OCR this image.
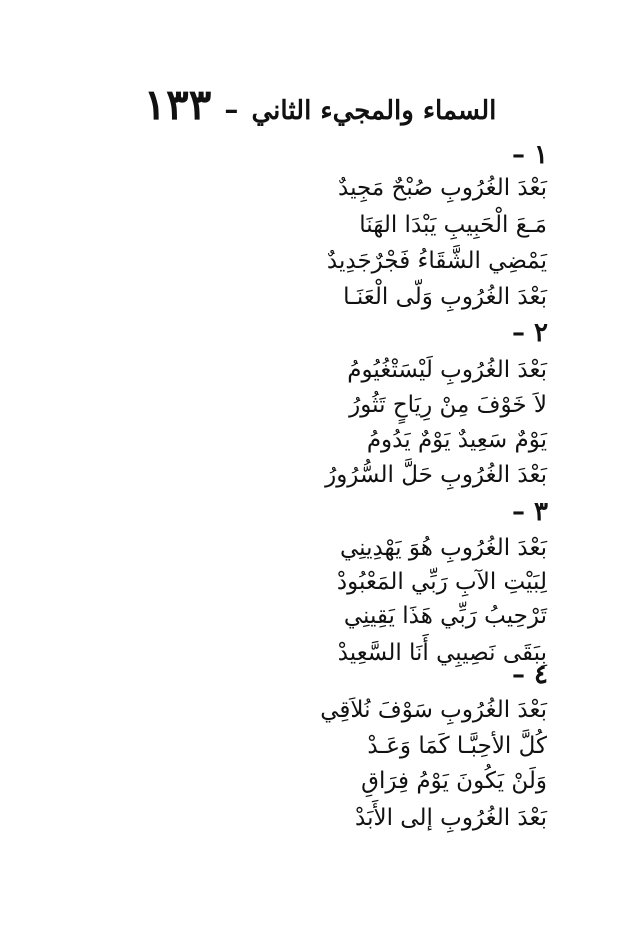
السماء والمجيء الثاني – ١٣٣
١ –
بَعْدَ الغُرُوبِ صُبْحٌ مَجِيدٌ
مَـعَ الْحَبِيبِ يَبْدَا الهَنَا
يَمْضِي الشَّقَاءُ فَجْرٌجَدِيدٌ
بَعْدَ الغُرُوبِ وَلّى الْعَنَـا
٢ –
بَعْدَ الغُرُوبِ لَيْسَتْغُيُومُ
لاَ خَوْفَ مِنْ رِيَاحٍ تَثُورُ
يَوْمٌ سَعِيدٌ يَوْمٌ يَدُومُ
بَعْدَ الغُرُوبِ حَلَّ السُّرُورُ
٣ –
بَعْدَ الغُرُوبِ هُوَ يَهْدِينِي
لِبَيْتِ الآبِ رَبِّي المَعْبُودْ
تَرْحِيبُ رَبِّي هَذَا يَقِينِي
بِبَقَى نَصِيبِي أَنَا السَّعِيدْ
٤ –
بَعْدَ الغُرُوبِ سَوْفَ نُلاَقِي
كُلَّ الأحِبَّـا كَمَا وَعَـدْ
وَلَنْ يَكُونَ يَوْمُ فِرَاقِ
بَعْدَ الغُرُوبِ إلى الأَبَدْ
